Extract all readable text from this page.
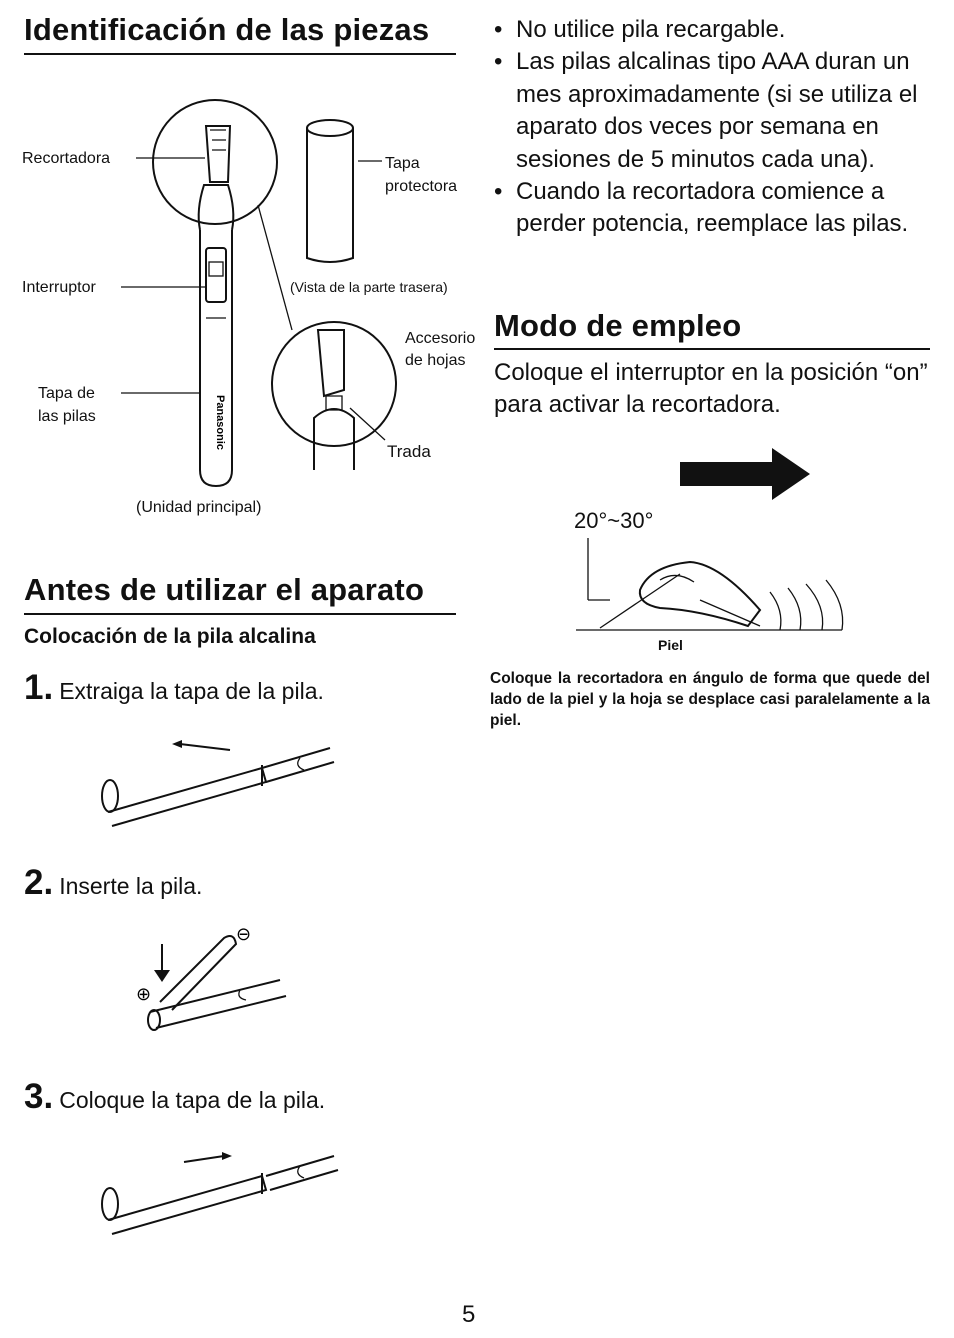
Identificación de las piezas
Panasonic
Recortadora	Tapa
protectora
Interruptor	(Vista de la parte trasera)
Accesorio
de hojas
Tapa de
las pilas
Trada
(Unidad principal)
Antes de utilizar el aparato
Colocación de la pila alcalina
1. Extraiga la tapa de la pila.
2. Inserte la pila.
⊕
⊖
3. Coloque la tapa de la pila.
• No utilice pila recargable.
• Las pilas alcalinas tipo AAA duran un mes aproximadamente (si se utiliza el aparato dos veces por semana en sesiones de 5 minutos cada una).
• Cuando la recortadora comience a perder potencia, reemplace las pilas.
Modo de empleo
Coloque el interruptor en la posición “on” para activar la recortadora.
20°~30°
Piel
Coloque la recortadora en ángulo de forma que quede del lado de la piel y la hoja se desplace casi paralelamente a la piel.
5
